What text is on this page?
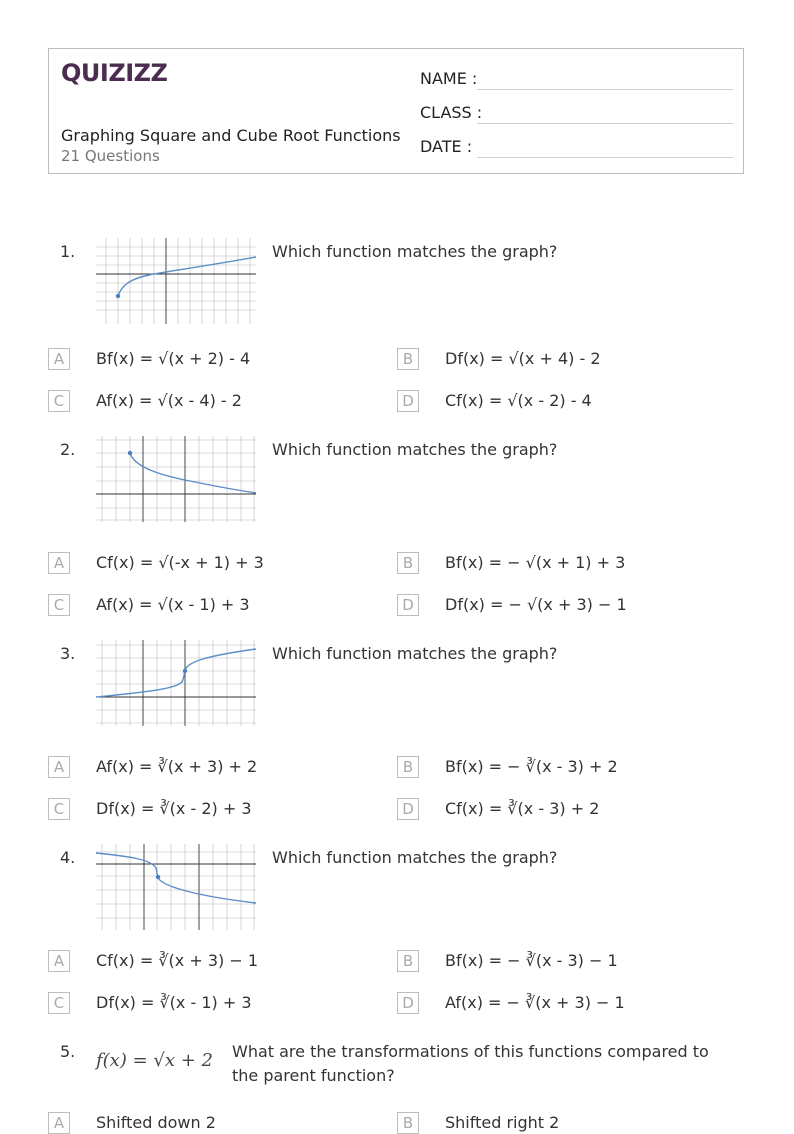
QUIZIZZ
Graphing Square and Cube Root Functions
21 Questions
NAME :
CLASS :
DATE :
1.	Which function matches the graph?
A	Bf(x) = √(x + 2) - 4	B	Df(x) = √(x + 4) - 2
C	Af(x) = √(x - 4) - 2	D	Cf(x) = √(x - 2) - 4
2.	Which function matches the graph?
A	Cf(x) = √(-x + 1) + 3	B	Bf(x) = − √(x + 1) + 3
C	Af(x) = √(x - 1) + 3	D	Df(x) = − √(x + 3) − 1
3.	Which function matches the graph?
A	Af(x) = ∛(x + 3) + 2	B	Bf(x) = − ∛(x - 3) + 2
C	Df(x) = ∛(x - 2) + 3	D	Cf(x) = ∛(x - 3) + 2
4.	Which function matches the graph?
A	Cf(x) = ∛(x + 3) − 1	B	Bf(x) = − ∛(x - 3) − 1
C	Df(x) = ∛(x - 1) + 3	D	Af(x) = − ∛(x + 3) − 1
5. f(x) = √x + 2 What are the transformations of this functions compared to the parent function?
A	Shifted down 2	B	Shifted right 2
